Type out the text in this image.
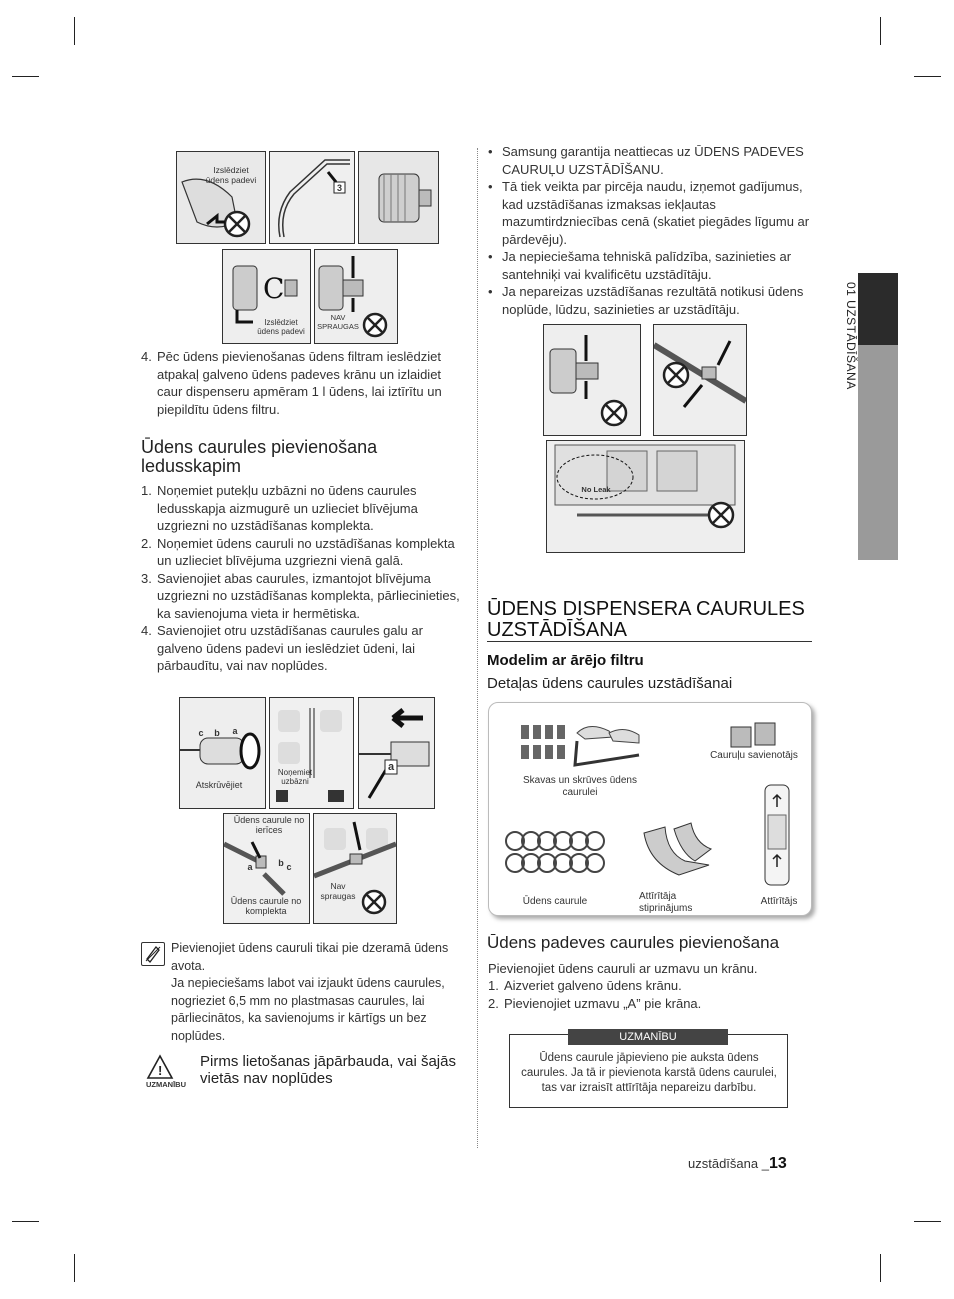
01 UZSTĀDĪŠANA
Izslēdziet ūdens padevi
3
C
Izslēdziet ūdens padevi
NAV SPRAUGAS
4. Pēc ūdens pievienošanas ūdens filtram ieslēdziet atpakaļ galveno ūdens padeves krānu un izlaidiet caur dispenseru apmēram 1 l ūdens, lai iztīrītu un piepildītu ūdens filtru.
Ūdens caurules pievienošana ledusskapim
1. Noņemiet putekļu uzbāzni no ūdens caurules ledusskapja aizmugurē un uzlieciet blīvējuma uzgriezni no uzstādīšanas komplekta.
2. Noņemiet ūdens cauruli no uzstādīšanas komplekta un uzlieciet blīvējuma uzgriezni vienā galā.
3. Savienojiet abas caurules, izmantojot blīvējuma uzgriezni no uzstādīšanas komplekta, pārliecinieties, ka savienojuma vieta ir hermētiska.
4. Savienojiet otru uzstādīšanas caurules galu ar galveno ūdens padevi un ieslēdziet ūdeni, lai pārbaudītu, vai nav noplūdes.
c b a
Atskrūvējiet
Noņemiet uzbāzni
a
Ūdens caurule no ierīces
a	b c
Ūdens caurule no komplekta
Nav spraugas
Pievienojiet ūdens cauruli tikai pie dzeramā ūdens avota.
Ja nepieciešams labot vai izjaukt ūdens caurules, nogrieziet 6,5 mm no plastmasas caurules, lai pārliecinātos, ka savienojums ir kārtīgs un bez noplūdes.
!
UZMANĪBU
Pirms lietošanas jāpārbauda, vai šajās vietās nav noplūdes
• Samsung garantija neattiecas uz ŪDENS PADEVES CAURUĻU UZSTĀDĪŠANU.
• Tā tiek veikta par pircēja naudu, izņemot gadījumus, kad uzstādīšanas izmaksas iekļautas mazumtirdzniecības cenā (skatiet piegādes līgumu ar pārdevēju).
• Ja nepieciešama tehniskā palīdzība, sazinieties ar santehniķi vai kvalificētu uzstādītāju.
• Ja nepareizas uzstādīšanas rezultātā notikusi ūdens noplūde, lūdzu, sazinieties ar uzstādītāju.
No Leak
ŪDENS DISPENSERA CAURULES UZSTĀDĪŠANA
Modelim ar ārējo filtru
Detaļas ūdens caurules uzstādīšanai
Skavas un skrūves ūdens caurulei
Cauruļu savienotājs
Ūdens caurule	Attīrītāja stiprinājums
Attīrītājs
Ūdens padeves caurules pievienošana
Pievienojiet ūdens cauruli ar uzmavu un krānu.
1. Aizveriet galveno ūdens krānu.
2. Pievienojiet uzmavu „A” pie krāna.
UZMANĪBU
Ūdens caurule jāpievieno pie auksta ūdens caurules. Ja tā ir pievienota karstā ūdens caurulei, tas var izraisīt attīrītāja nepareizu darbību.
uzstādīšana _13
